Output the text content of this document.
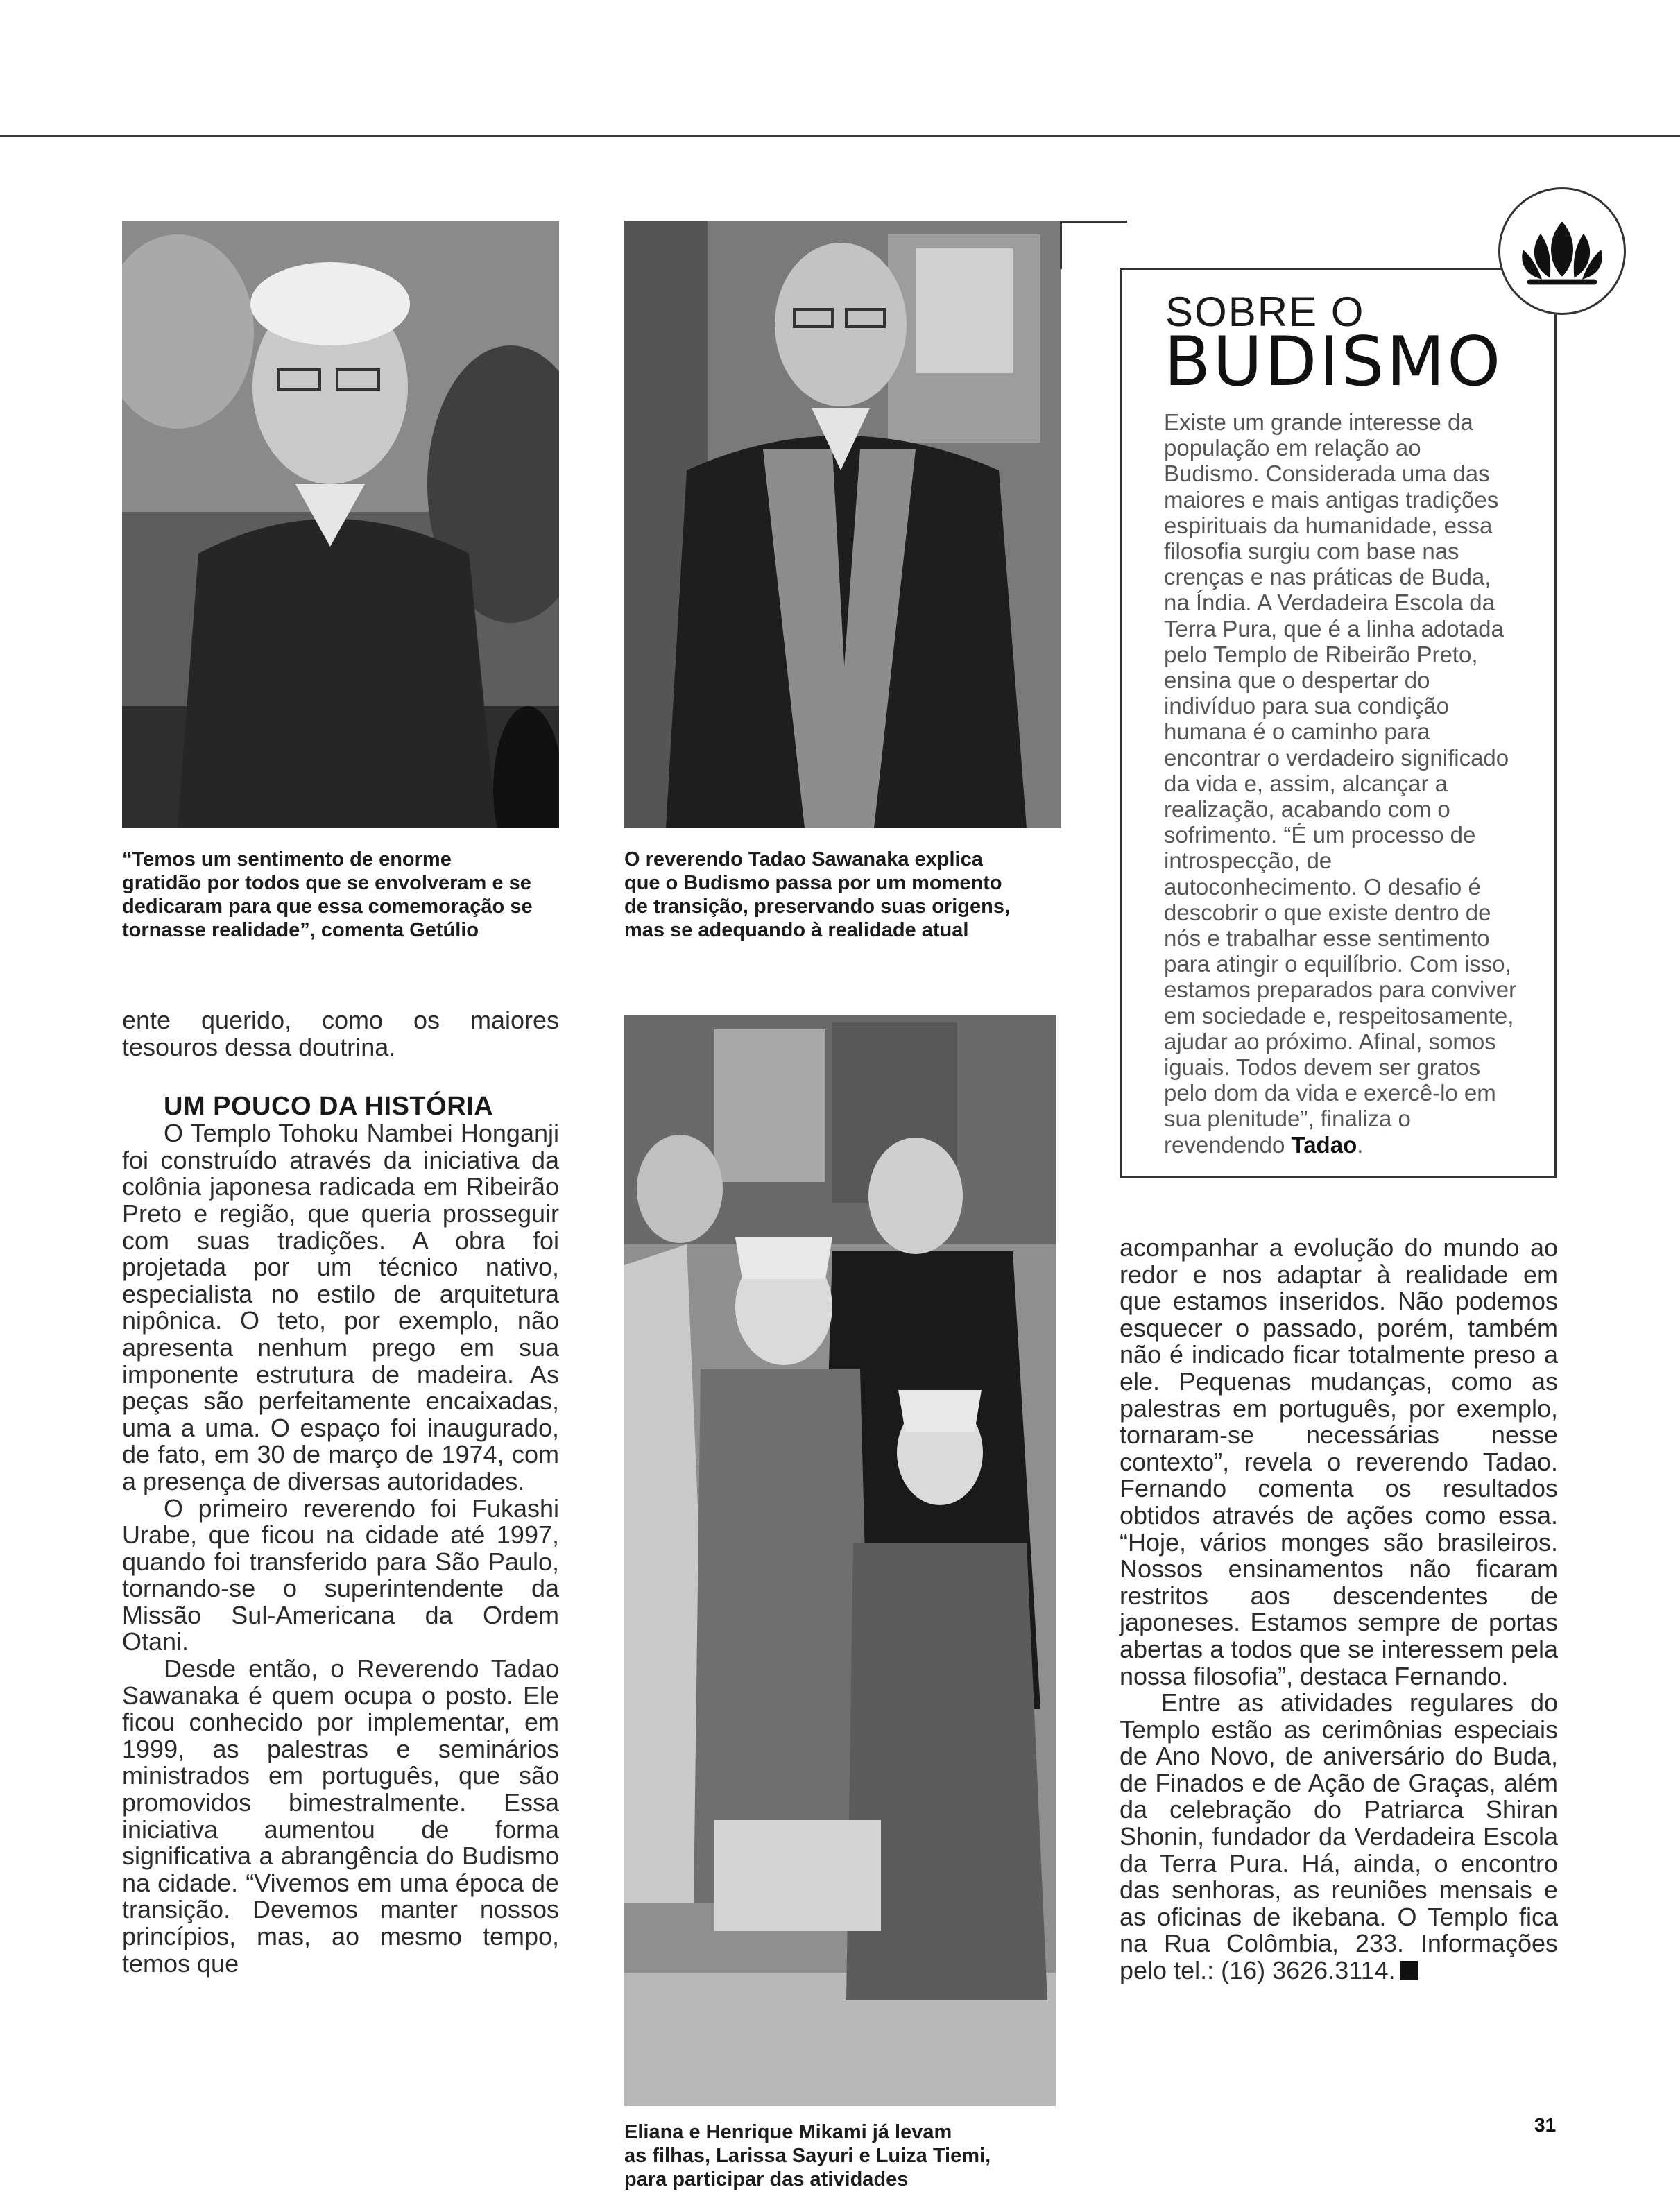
“Temos um sentimento de enorme
gratidão por todos que se envolveram e se
dedicaram para que essa comemoração se
tornasse realidade”, comenta Getúlio
O reverendo Tadao Sawanaka explica
que o Budismo passa por um momento
de transição, preservando suas origens,
mas se adequando à realidade atual
Eliana e Henrique Mikami já levam
as filhas, Larissa Sayuri e Luiza Tiemi,
para participar das atividades

ente querido, como os maiores tesouros dessa doutrina.

UM POUCO DA HISTÓRIA

O Templo Tohoku Nambei Honganji foi construído através da iniciativa da colônia japonesa radicada em Ribeirão Preto e região, que queria prosseguir com suas tradições. A obra foi projetada por um técnico nativo, especialista no estilo de arquitetura nipônica. O teto, por exemplo, não apresenta nenhum prego em sua imponente estrutura de madeira. As peças são perfeitamente encaixadas, uma a uma. O espaço foi inaugurado, de fato, em 30 de março de 1974, com a presença de diversas autoridades.

O primeiro reverendo foi Fukashi Urabe, que ficou na cidade até 1997, quando foi transferido para São Paulo, tornando-se o superintendente da Missão Sul-Americana da Ordem Otani.

Desde então, o Reverendo Tadao Sawanaka é quem ocupa o posto. Ele ficou conhecido por implementar, em 1999, as palestras e seminários ministrados em português, que são promovidos bimestralmente. Essa iniciativa aumentou de forma significativa a abrangência do Budismo na cidade. “Vivemos em uma época de transição. Devemos manter nossos princípios, mas, ao mesmo tempo, temos que

SOBRE O
BUDISMO
Existe um grande interesse da população em relação ao Budismo. Considerada uma das maiores e mais antigas tradições espirituais da humanidade, essa filosofia surgiu com base nas crenças e nas práticas de Buda, na Índia. A Verdadeira Escola da Terra Pura, que é a linha adotada pelo Templo de Ribeirão Preto, ensina que o despertar do indivíduo para sua condição humana é o caminho para encontrar o verdadeiro significado da vida e, assim, alcançar a realização, acabando com o sofrimento. “É um processo de introspecção, de autoconhecimento. O desafio é descobrir o que existe dentro de nós e trabalhar esse sentimento para atingir o equilíbrio. Com isso, estamos preparados para conviver em sociedade e, respeitosamente, ajudar ao próximo. Afinal, somos iguais. Todos devem ser gratos pelo dom da vida e exercê-lo em sua plenitude”, finaliza o revendendo Tadao.

acompanhar a evolução do mundo ao redor e nos adaptar à realidade em que estamos inseridos. Não podemos esquecer o passado, porém, também não é indicado ficar totalmente preso a ele. Pequenas mudanças, como as palestras em português, por exemplo, tornaram-se necessárias nesse contexto”, revela o reverendo Tadao. Fernando comenta os resultados obtidos através de ações como essa. “Hoje, vários monges são brasileiros. Nossos ensinamentos não ficaram restritos aos descendentes de japoneses. Estamos sempre de portas abertas a todos que se interessem pela nossa filosofia”, destaca Fernando.

Entre as atividades regulares do Templo estão as cerimônias especiais de Ano Novo, de aniversário do Buda, de Finados e de Ação de Graças, além da celebração do Patriarca Shiran Shonin, fundador da Verdadeira Escola da Terra Pura. Há, ainda, o encontro das senhoras, as reuniões mensais e as oficinas de ikebana. O Templo fica na Rua Colômbia, 233. Informações pelo tel.: (16) 3626.3114.

31
